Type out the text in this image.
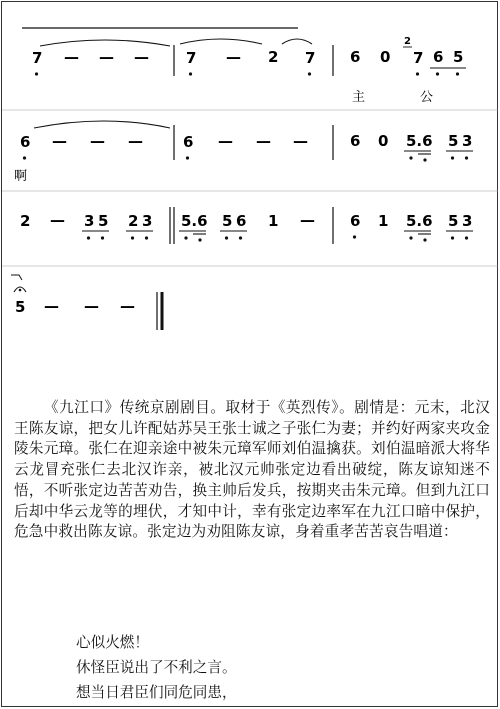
7 — — — 7 — 2 7 6 0
2
7 6 5
主	公
6 — — —	6 — — —	6 0 5.6 5 3
啊
2 — 3 5 2 3 5.6 5 6 1 — 6 1 5.6 5 3
5 — — —

《九江口》传统京剧剧目。取材于《英烈传》。剧情是：元末，北汉王陈友谅，把女儿许配姑苏吴王张士诚之子张仁为妻；并约好两家夹攻金陵朱元璋。张仁在迎亲途中被朱元璋军师刘伯温擒获。刘伯温暗派大将华云龙冒充张仁去北汉诈亲，被北汉元帅张定边看出破绽，陈友谅知迷不悟，不听张定边苦苦劝告，换主帅后发兵，按期夹击朱元璋。但到九江口后却中华云龙等的埋伏，才知中计，幸有张定边率军在九江口暗中保护，危急中救出陈友谅。张定边为劝阻陈友谅，身着重孝苦苦哀告唱道：

心似火燃！
休怪臣说出了不利之言。
想当日君臣们同危同患，
